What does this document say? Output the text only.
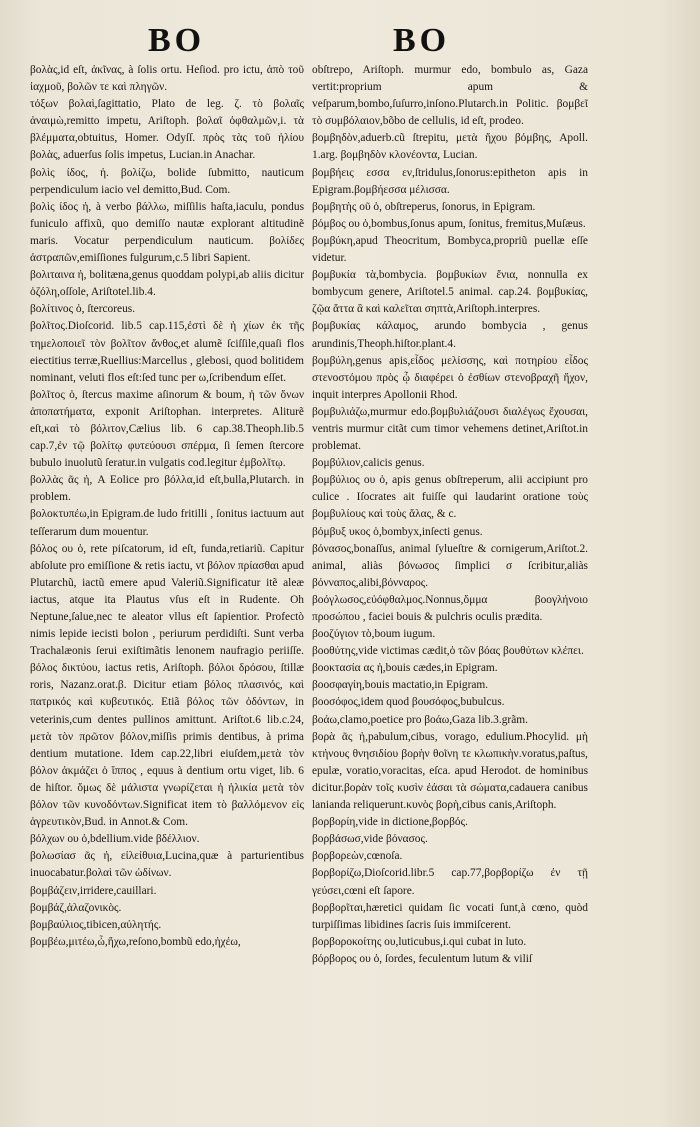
BO	BO
βολὰς,id eſt, ἀκῖνας, à ſolis ortu. Heſiod. pro ictu, ἀπὸ τοῦ ἰαχμοῦ, βολῶν τε καὶ πληγῶν.
τόξων βολαὶ,ſagittatio, Plato de leg. ζ. τὸ βολαῖς ἀναιμὼ,remitto impetu, Ariſtoph. βολαῖ ὀφθαλμῶν,i. τὰ βλέμματα,obtuitus, Homer. Odyſſ. πρὸς τὰς τοῦ ἡλίου βολὰς, aduerſus ſolis impetus, Lucian.in Anachar.
βολὶς ίδος, ἡ. βολίζω, bolide ſubmitto, nauticum perpendiculum iacio vel demitto,Bud. Com.
βολὶς ίδος ἡ, à verbo βάλλω, miſſilis haſta,iaculu, pondus funiculo affixũ, quo demiſſo nautæ explorant altitudinẽ maris. Vocatur perpendiculum nauticum. βολίδες ἀστραπῶν,emiſſiones fulgurum,c.5 libri Sapient.
βολιταινα ἡ, bolitæna,genus quoddam polypi,ab aliis dicitur ὀζόλη,oſſole, Ariſtotel.lib.4.
βολίτινος ὁ, ſtercoreus.
βολῖτος.Dioſcorid. lib.5 cap.115,ἐστὶ δὲ ἡ χίων ἐκ τῆς τημελοποιεῖ τὸν βολῖτον ἄνθος,et alumẽ ſciſſile,quaſi flos eiectitius terræ,Ruellius:Marcellus , glebosi, quod bolitidem nominant, veluti flos eſt:ſed tunc per ω,ſcribendum eſſet.
βολῖτος ὁ, ſtercus maxime aſinorum & boum, ἡ τῶν ὄνων ἀποπατήματα, exponit Ariſtophan. interpretes. Aliturẽ eſt,καὶ τὸ βόλιτον,Cælius lib. 6 cap.38.Theoph.lib.5 cap.7,ἐν τῷ βολίτῳ φυτεύουσι σπέρμα, ſi ſemen ſtercore bubulo inuolutũ ſeratur.in vulgatis cod.legitur ἐμβολῖτῳ.
βολλὰς ᾶς ἡ, A Eolice pro βόλλα,id eſt,bulla,Plutarch. in problem.
βολοκτυπέω,in Epigram.de ludo fritilli , ſonitus iactuum aut teſſerarum dum mouentur.
βόλος ου ὁ, rete piſcatorum, id eſt, funda,retiariũ. Capitur abſolute pro emiſſione & retis iactu, vt βόλον πρίασθαι apud Plutarchũ, iactũ emere apud Valeriũ.Significatur itẽ aleæ iactus, atque ita Plautus vſus eſt in Rudente. Oh Neptune,ſalue,nec te aleator vllus eſt ſapientior. Profectò nimis lepide iecisti bolon , periurum perdidiſti. Sunt verba Trachalæonis ſerui exiſtimãtis lenonem naufragio periiſſe. βόλος δικτύου, iactus retis, Ariſtoph. βόλοι δρόσου, ſtillæ roris, Nazanz.orat.β. Dicitur etiam βόλος πλασινός, καὶ πατρικός καὶ κυβευτικός. Etiã βόλος τῶν ὀδόντων, in veterinis,cum dentes pullinos amittunt. Ariſtot.6 lib.c.24, μετὰ τὸν πρῶτον βόλον,miſſis primis dentibus, à prima dentium mutatione. Idem cap.22,libri eiuſdem,μετὰ τὸν βόλον ἀκμάζει ὁ ἵππος , equus à dentium ortu viget, lib. 6 de hiſtor. ὅμως δὲ μάλιστα γνωρίζεται ἡ ἡλικία μετὰ τὸν βόλον τῶν κυνοδόντων.Significat item τὸ βαλλόμενον εἰς ἀγρευτικὸν,Bud. in Annot.& Com.
βόλχων ου ὁ,bdellium.vide βδέλλιον.
βολωσίασ ᾶς ἡ, εἰλείθυια,Lucina,quæ à parturientibus inuocabatur.βολαὶ τῶν ὠδίνων.
βομβάζειν,irridere,cauillari.
βομβάζ,ἀλαζονικὸς.
βομβαύλιος,tibicen,αὐλητής.
βομβέω,μιτέω,ὦ,ἤχω,reſono,bombũ edo,ἠχέω,
obſtrepo, Ariſtoph. murmur edo, bombulo as, Gaza vertit:proprium apum & veſparum,bombo,ſuſurro,inſono.Plutarch.in Politic. βομβεῖ τὸ συμβόλαιον,bõbo de cellulis, id eſt, prodeo.
βομβηδὸν,aduerb.cũ ſtrepitu, μετὰ ἤχου βόμβης, Apoll. 1.arg. βομβηδὸν κλονέοντα, Lucian.
βομβήεις εσσα εν,ſtridulus,ſonorus:epitheton apis in Epigram.βομβήεσσα μέλισσα.
βομβητὴς οῦ ὁ, obſtreperus, ſonorus, in Epigram.
βόμβος ου ὁ,bombus,ſonus apum, ſonitus, fremitus,Muſæus.
βομβύκη,apud Theocritum, Bombyca,propriũ puellæ eſſe videtur.
βομβυκία τὰ,bombycia. βομβυκίων ἔνια, nonnulla ex bombycum genere, Ariſtotel.5 animal. cap.24. βομβυκίας, ζῷα ἄττα ἃ καὶ καλεῖται σηπτὰ,Ariſtoph.interpres.
βομβυκίας κάλαμος, arundo bombycia , genus arundinis,Theoph.hiſtor.plant.4.
βομβύλη,genus apis,εἶδος μελίσσης, καὶ ποτηρίου εἶδος στενοστόμου πρὸς ᾧ διαφέρει ὁ ἐσθίων στενοβραχῆ ἤχον, inquit interpres Apollonii Rhod.
βομβυλιάζω,murmur edo.βομβυλιάζουσι διαλέγως ἔχουσαι, ventris murmur citãt cum timor vehemens detinet,Ariſtot.in problemat.
βομβύλιον,calicis genus.
βομβύλιος ου ὁ, apis genus obſtreperum, alii accipiunt pro culice . Iſocrates ait fuiſſe qui laudarint oratione τοὺς βομβυλίους καὶ τοὺς ἅλας, & c.
βόμβυξ υκος ὁ,bombyx,inſecti genus.
βόνασος,bonaſſus, animal ſylueſtre & cornigerum,Ariſtot.2. animal, aliàs βόνωσος ſimplici σ ſcribitur,aliàs βόνναπος,alibi,βόνναρος.
βοόγλωσος,εὐόφθαλμος.Nonnus,ὄμμα βοογλήνοιο προσώπου , faciei bouis & pulchris oculis prædita.
βοοζύγιον τὸ,boum iugum.
βοοθύτης,vide victimas cædit,ὁ τῶν βόας βουθύτων κλέπει.
βοοκτασία ας ἡ,bouis cædes,in Epigram.
βοοσφαγίη,bouis mactatio,in Epigram.
βοοσόφος,idem quod βουσόφος,bubulcus.
βοάω,clamo,poetice pro βοάω,Gaza lib.3.grãm.
βορὰ ᾶς ἡ,pabulum,cibus, vorago, edulium.Phocylid. μὴ κτήνους θνησιδίου βορὴν θοῖνη τε κλωπικὴν.voratus,paſtus, epulæ, voratio,voracitas, eſca. apud Herodot. de hominibus dicitur.βορὰν τοῖς κυσὶν ἐάσαι τὰ σώματα,cadauera canibus lanianda reliquerunt.κυνὸς βορὴ,cibus canis,Ariſtoph.
βορβορίη,vide in dictione,βορβός.
βορβάσωσ,vide βόνασος.
βορβορεὼν,cœnoſa.
βορβορίζω,Dioſcorid.libr.5 cap.77,βορβορίζω ἐν τῇ γεύσει,cœni eſt ſapore.
βορβορῖται,hæretici quidam ſic vocati ſunt,à cœno, quòd turpiſſimas libidines ſacris ſuis immiſcerent.
βορβοροκοίτης ου,luticubus,i.qui cubat in luto.
βόρβορος ου ὁ, ſordes, feculentum lutum & viliſ
